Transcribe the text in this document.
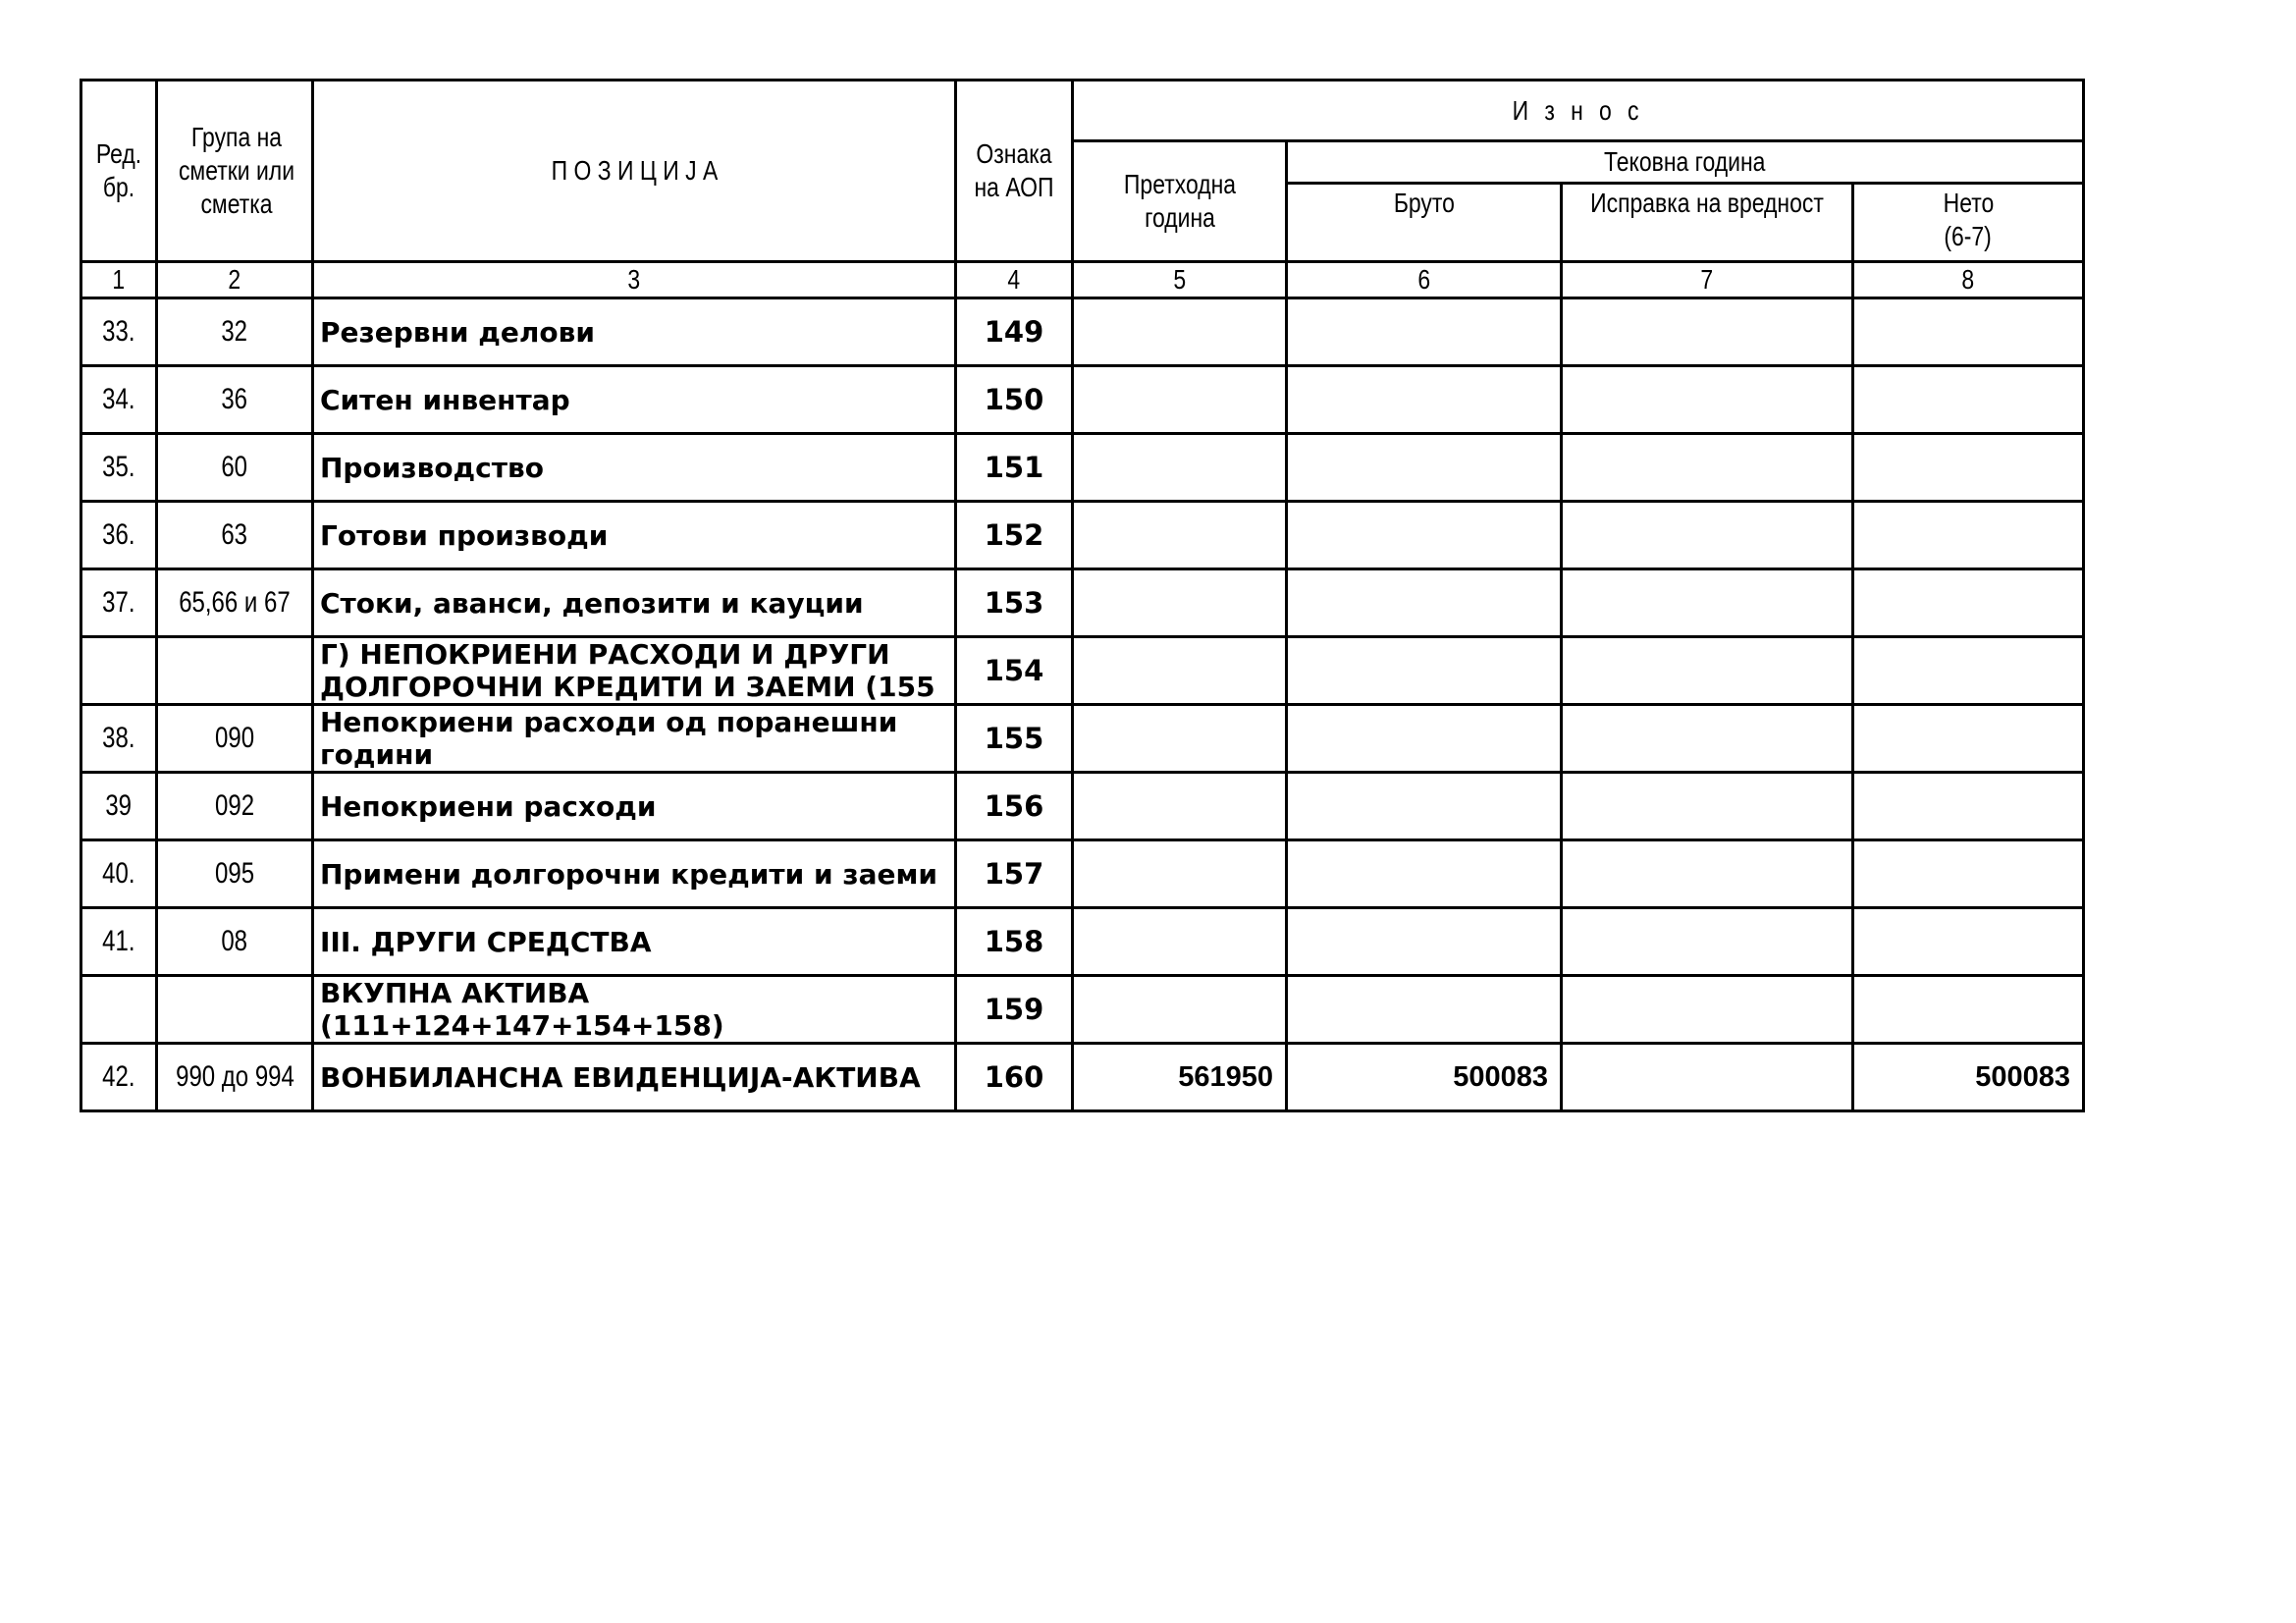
Ред. бр.	Група на сметки или сметка	П О З И Ц И Ј А	Ознака на АОП	И з н о с			
				Претходна година	Тековна година		
					Бруто	Исправка на вредност	Нето
(6-7)
1	2	3	4	5	6	7	8
33.	32	Резервни делови	149				
34.	36	Ситен инвентар	150				
35.	60	Производство	151				
36.	63	Готови производи	152				
37.	65,66 и 67	Стоки, аванси, депозити и кауции	153				

		Г) НЕПОКРИЕНИ РАСХОДИ И ДРУГИ ДОЛГОРОЧНИ КРЕДИТИ И ЗАЕМИ (155	154				
38.	090	Непокриени расходи од поранешни години	155				
39	092	Непокриени расходи	156				
40.	095	Примени долгорочни кредити и заеми	157				
41.	08	III. ДРУГИ СРЕДСТВА	158				

		ВКУПНА АКТИВА (111+124+147+154+158)	159				
42.	990 до 994	ВОНБИЛАНСНА ЕВИДЕНЦИЈА-АКТИВА	160	561950	500083		500083
